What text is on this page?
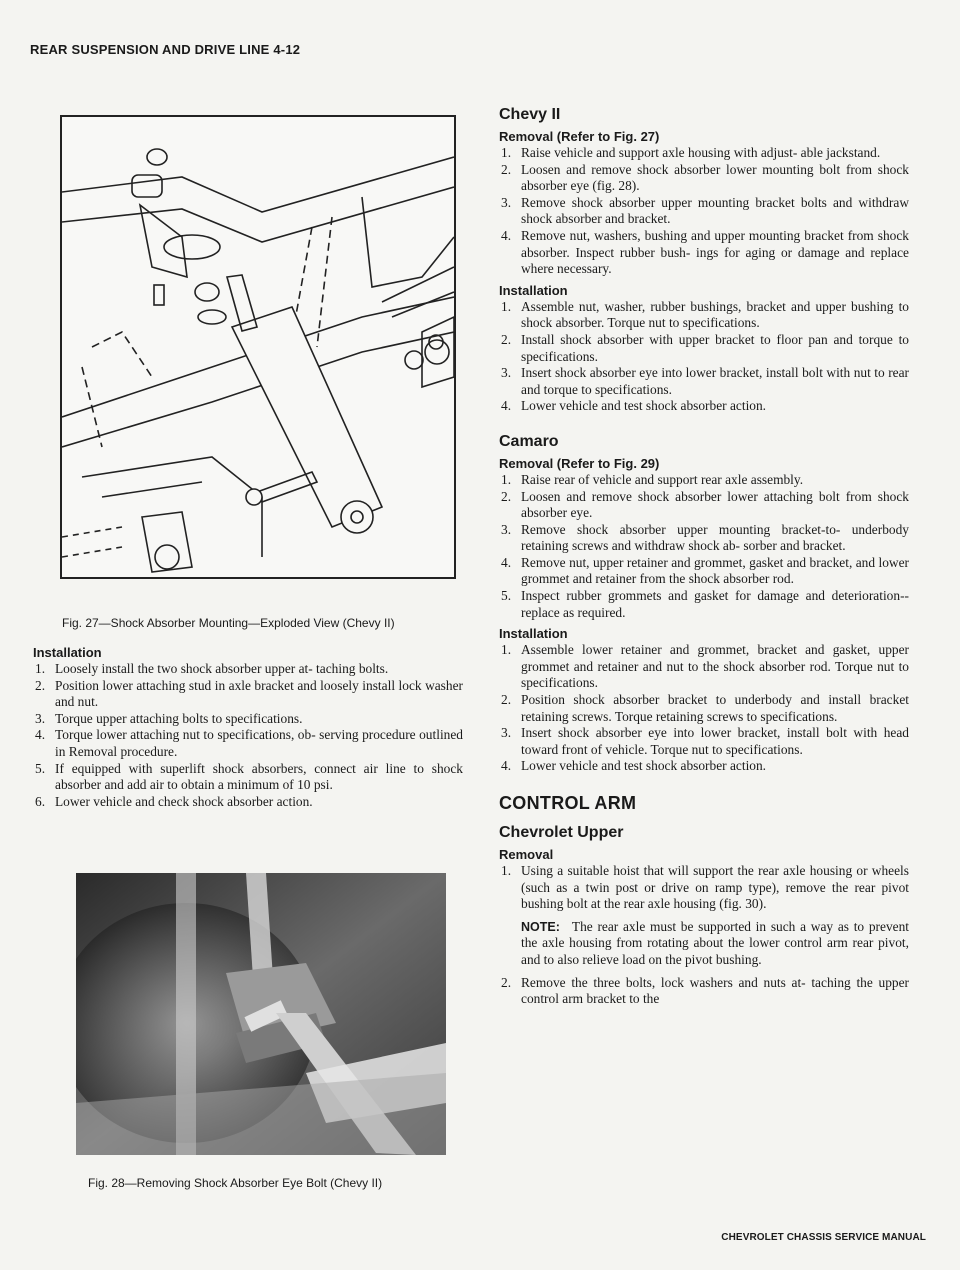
REAR SUSPENSION AND DRIVE LINE 4-12
Fig. 27—Shock Absorber Mounting—Exploded View (Chevy II)
Installation
1. Loosely install the two shock absorber upper at- taching bolts.
2. Position lower attaching stud in axle bracket and loosely install lock washer and nut.
3. Torque upper attaching bolts to specifications.
4. Torque lower attaching nut to specifications, ob- serving procedure outlined in Removal procedure.
5. If equipped with superlift shock absorbers, connect air line to shock absorber and add air to obtain a minimum of 10 psi.
6. Lower vehicle and check shock absorber action.
Fig. 28—Removing Shock Absorber Eye Bolt (Chevy II)
Chevy II
Removal (Refer to Fig. 27)
1. Raise vehicle and support axle housing with adjust- able jackstand.
2. Loosen and remove shock absorber lower mounting bolt from shock absorber eye (fig. 28).
3. Remove shock absorber upper mounting bracket bolts and withdraw shock absorber and bracket.
4. Remove nut, washers, bushing and upper mounting bracket from shock absorber. Inspect rubber bush- ings for aging or damage and replace where necessary.
Installation
1. Assemble nut, washer, rubber bushings, bracket and upper bushing to shock absorber. Torque nut to specifications.
2. Install shock absorber with upper bracket to floor pan and torque to specifications.
3. Insert shock absorber eye into lower bracket, install bolt with nut to rear and torque to specifications.
4. Lower vehicle and test shock absorber action.
Camaro
Removal (Refer to Fig. 29)
1. Raise rear of vehicle and support rear axle assembly.
2. Loosen and remove shock absorber lower attaching bolt from shock absorber eye.
3. Remove shock absorber upper mounting bracket-to- underbody retaining screws and withdraw shock ab- sorber and bracket.
4. Remove nut, upper retainer and grommet, gasket and bracket, and lower grommet and retainer from the shock absorber rod.
5. Inspect rubber grommets and gasket for damage and deterioration--replace as required.
Installation
1. Assemble lower retainer and grommet, bracket and gasket, upper grommet and retainer and nut to the shock absorber rod. Torque nut to specifications.
2. Position shock absorber bracket to underbody and install bracket retaining screws. Torque retaining screws to specifications.
3. Insert shock absorber eye into lower bracket, install bolt with head toward front of vehicle. Torque nut to specifications.
4. Lower vehicle and test shock absorber action.
CONTROL ARM
Chevrolet Upper
Removal
1. Using a suitable hoist that will support the rear axle housing or wheels (such as a twin post or drive on ramp type), remove the rear pivot bushing bolt at the rear axle housing (fig. 30).
NOTE: The rear axle must be supported in such a way as to prevent the axle housing from rotating about the lower control arm rear pivot, and to also relieve load on the pivot bushing.
2. Remove the three bolts, lock washers and nuts at- taching the upper control arm bracket to the
CHEVROLET CHASSIS SERVICE MANUAL
